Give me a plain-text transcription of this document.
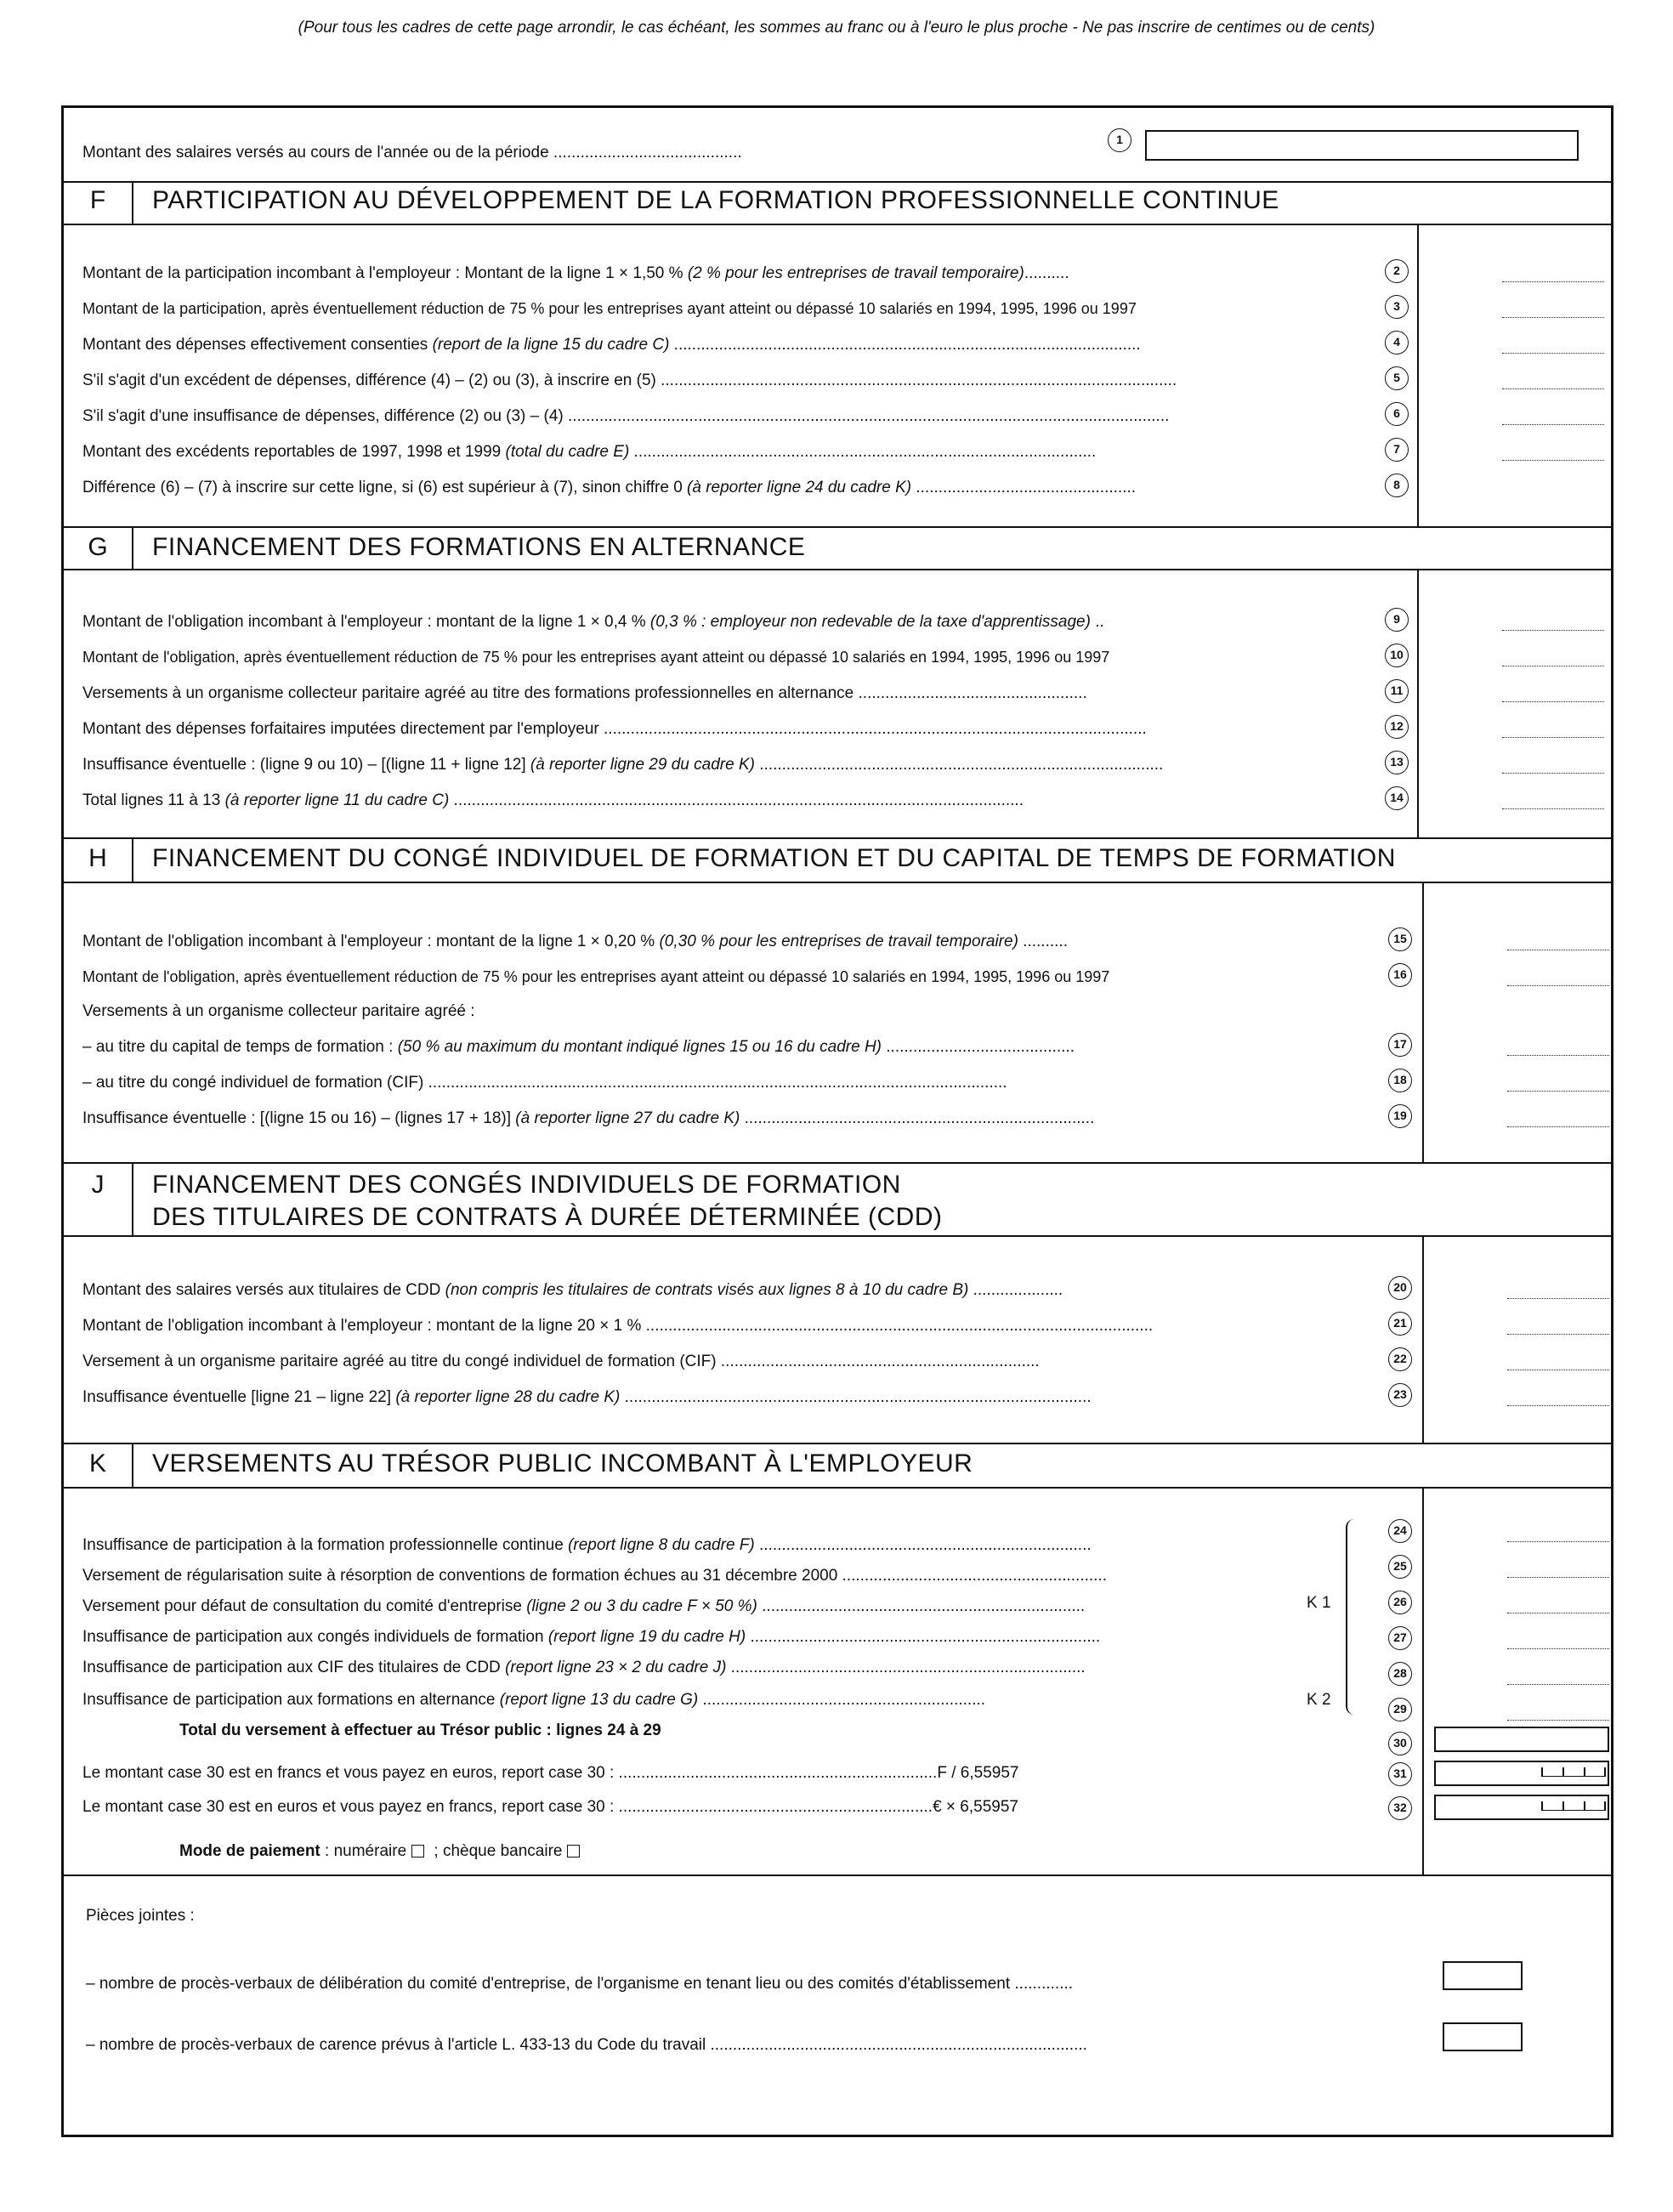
(Pour tous les cadres de cette page arrondir, le cas échéant, les sommes au franc ou à l'euro le plus proche - Ne pas inscrire de centimes ou de cents)
Montant des salaires versés au cours de l'année ou de la période ..........................................
1
F	PARTICIPATION AU DÉVELOPPEMENT DE LA FORMATION PROFESSIONNELLE CONTINUE
G	FINANCEMENT DES FORMATIONS EN ALTERNANCE
H	FINANCEMENT DU CONGÉ INDIVIDUEL DE FORMATION ET DU CAPITAL DE TEMPS DE FORMATION
J	FINANCEMENT DES CONGÉS INDIVIDUELS DE FORMATION
DES TITULAIRES DE CONTRATS À DURÉE DÉTERMINÉE (CDD)
K	VERSEMENTS AU TRÉSOR PUBLIC INCOMBANT À L'EMPLOYEUR
Montant de la participation incombant à l'employeur : Montant de la ligne 1 × 1,50 % (2 % pour les entreprises de travail temporaire)..........	2
Montant de la participation, après éventuellement réduction de 75 % pour les entreprises ayant atteint ou dépassé 10 salariés en 1994, 1995, 1996 ou 1997	3
Montant des dépenses effectivement consenties (report de la ligne 15 du cadre C) ........................................................................................................	4
S'il s'agit d'un excédent de dépenses, différence (4) – (2) ou (3), à inscrire en (5) ...................................................................................................................	5
S'il s'agit d'une insuffisance de dépenses, différence (2) ou (3) – (4) ......................................................................................................................................	6
Montant des excédents reportables de 1997, 1998 et 1999 (total du cadre E) .......................................................................................................	7
Différence (6) – (7) à inscrire sur cette ligne, si (6) est supérieur à (7), sinon chiffre 0 (à reporter ligne 24 du cadre K) .................................................	8
Montant de l'obligation incombant à l'employeur : montant de la ligne 1 × 0,4 % (0,3 % : employeur non redevable de la taxe d'apprentissage) ..	9
Montant de l'obligation, après éventuellement réduction de 75 % pour les entreprises ayant atteint ou dépassé 10 salariés en 1994, 1995, 1996 ou 1997	10
Versements à un organisme collecteur paritaire agréé au titre des formations professionnelles en alternance ...................................................	11
Montant des dépenses forfaitaires imputées directement par l'employeur .........................................................................................................................	12
Insuffisance éventuelle : (ligne 9 ou 10) – [(ligne 11 + ligne 12] (à reporter ligne 29 du cadre K) ..........................................................................................	13
Total lignes 11 à 13 (à reporter ligne 11 du cadre C) ...............................................................................................................................	14
Montant de l'obligation incombant à l'employeur : montant de la ligne 1 × 0,20 % (0,30 % pour les entreprises de travail temporaire) ..........	15
Montant de l'obligation, après éventuellement réduction de 75 % pour les entreprises ayant atteint ou dépassé 10 salariés en 1994, 1995, 1996 ou 1997	16
Versements à un organisme collecteur paritaire agréé :
– au titre du capital de temps de formation : (50 % au maximum du montant indiqué lignes 15 ou 16 du cadre H) ..........................................	17
– au titre du congé individuel de formation (CIF) .................................................................................................................................	18
Insuffisance éventuelle : [(ligne 15 ou 16) – (lignes 17 + 18)] (à reporter ligne 27 du cadre K) ..............................................................................	19
Montant des salaires versés aux titulaires de CDD (non compris les titulaires de contrats visés aux lignes 8 à 10 du cadre B) ....................	20
Montant de l'obligation incombant à l'employeur : montant de la ligne 20 × 1 % .................................................................................................................	21
Versement à un organisme paritaire agréé au titre du congé individuel de formation (CIF) .......................................................................	22
Insuffisance éventuelle [ligne 21 – ligne 22] (à reporter ligne 28 du cadre K) ........................................................................................................	23
Insuffisance de participation à la formation professionnelle continue (report ligne 8 du cadre F) ..........................................................................
24
Versement de régularisation suite à résorption de conventions de formation échues au 31 décembre 2000 ...........................................................
25
Versement pour défaut de consultation du comité d'entreprise (ligne 2 ou 3 du cadre F × 50 %) ........................................................................	K 1	26
Insuffisance de participation aux congés individuels de formation (report ligne 19 du cadre H) ..............................................................................	27
Insuffisance de participation aux CIF des titulaires de CDD (report ligne 23 × 2 du cadre J) ...............................................................................	28
Insuffisance de participation aux formations en alternance (report ligne 13 du cadre G) ...............................................................	K 2	29
Total du versement à effectuer au Trésor public : lignes 24 à 29
30
Le montant case 30 est en francs et vous payez en euros, report case 30 : .......................................................................F / 6,55957	31
Le montant case 30 est en euros et vous payez en francs, report case 30 : ......................................................................€ × 6,55957	32
Mode de paiement : numéraire ; chèque bancaire
Pièces jointes :
– nombre de procès-verbaux de délibération du comité d'entreprise, de l'organisme en tenant lieu ou des comités d'établissement .............
– nombre de procès-verbaux de carence prévus à l'article L. 433-13 du Code du travail ....................................................................................
